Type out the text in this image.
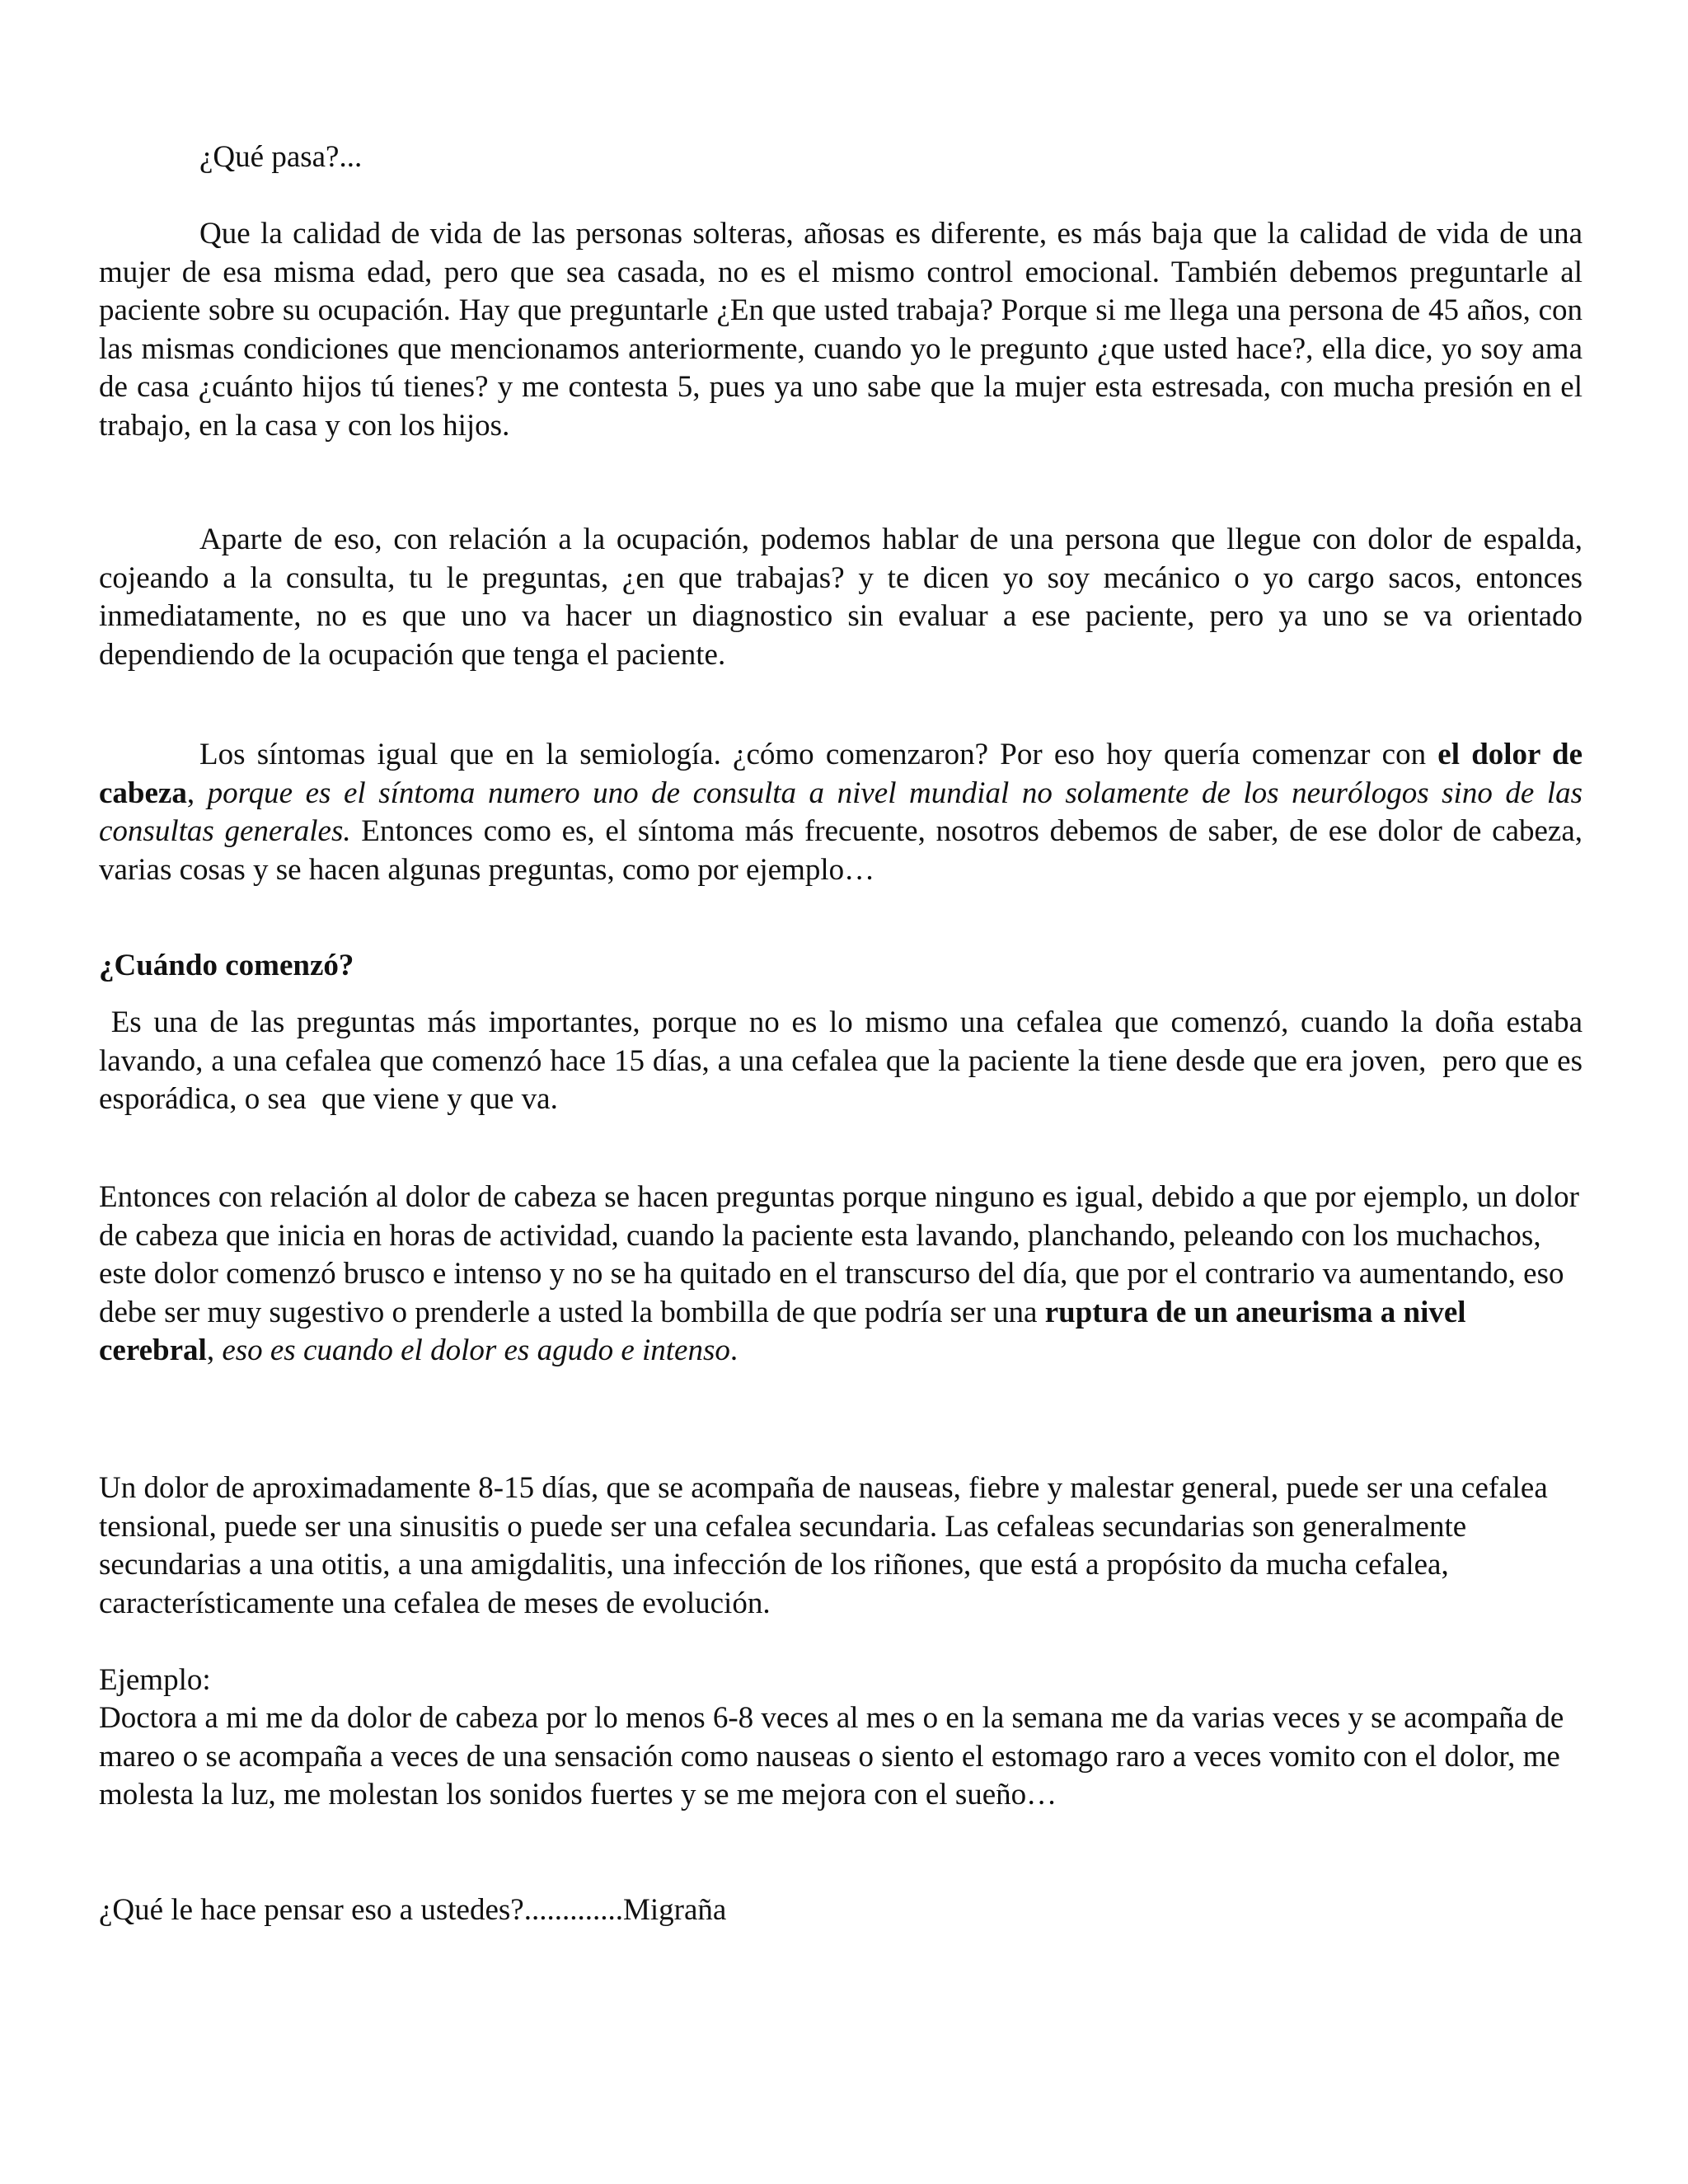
¿Qué pasa?...

Que la calidad de vida de las personas solteras, añosas es diferente, es más baja que la calidad de vida de una mujer de esa misma edad, pero que sea casada, no es el mismo control emocional. También debemos preguntarle al paciente sobre su ocupación. Hay que preguntarle ¿En que usted trabaja? Porque si me llega una persona de 45 años, con las mismas condiciones que mencionamos anteriormente, cuando yo le pregunto ¿que usted hace?, ella dice, yo soy ama de casa ¿cuánto hijos tú tienes? y me contesta 5, pues ya uno sabe que la mujer esta estresada, con mucha presión en el trabajo, en la casa y con los hijos.

Aparte de eso, con relación a la ocupación, podemos hablar de una persona que llegue con dolor de espalda, cojeando a la consulta, tu le preguntas, ¿en que trabajas? y te dicen yo soy mecánico o yo cargo sacos, entonces inmediatamente, no es que uno va hacer un diagnostico sin evaluar a ese paciente, pero ya uno se va orientado dependiendo de la ocupación que tenga el paciente.

Los síntomas igual que en la semiología. ¿cómo comenzaron? Por eso hoy quería comenzar con el dolor de cabeza, porque es el síntoma numero uno de consulta a nivel mundial no solamente de los neurólogos sino de las consultas generales. Entonces como es, el síntoma más frecuente, nosotros debemos de saber, de ese dolor de cabeza, varias cosas y se hacen algunas preguntas, como por ejemplo…

¿Cuándo comenzó?

Es una de las preguntas más importantes, porque no es lo mismo una cefalea que comenzó, cuando la doña estaba lavando, a una cefalea que comenzó hace 15 días, a una cefalea que la paciente la tiene desde que era joven,  pero que es esporádica, o sea  que viene y que va.

Entonces con relación al dolor de cabeza se hacen preguntas porque ninguno es igual, debido a que por ejemplo, un dolor de cabeza que inicia en horas de actividad, cuando la paciente esta lavando, planchando, peleando con los muchachos, este dolor comenzó brusco e intenso y no se ha quitado en el transcurso del día, que por el contrario va aumentando, eso debe ser muy sugestivo o prenderle a usted la bombilla de que podría ser una ruptura de un aneurisma a nivel cerebral, eso es cuando el dolor es agudo e intenso.

Un dolor de aproximadamente 8-15 días, que se acompaña de nauseas, fiebre y malestar general, puede ser una cefalea tensional, puede ser una sinusitis o puede ser una cefalea secundaria. Las cefaleas secundarias son generalmente secundarias a una otitis, a una amigdalitis, una infección de los riñones, que está a propósito da mucha cefalea, característicamente una cefalea de meses de evolución.

Ejemplo:

Doctora a mi me da dolor de cabeza por lo menos 6-8 veces al mes o en la semana me da varias veces y se acompaña de mareo o se acompaña a veces de una sensación como nauseas o siento el estomago raro a veces vomito con el dolor, me molesta la luz, me molestan los sonidos fuertes y se me mejora con el sueño…

¿Qué le hace pensar eso a ustedes?.............Migraña
